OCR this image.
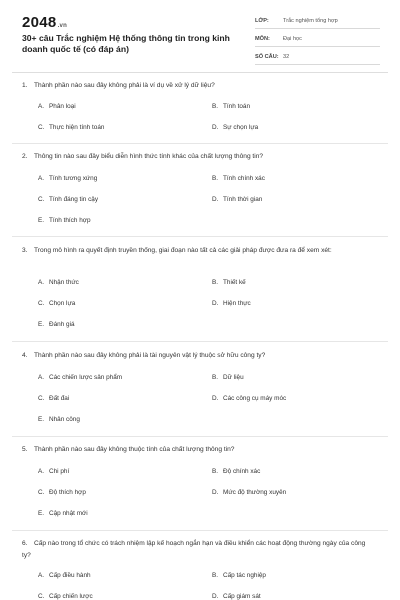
2048.vn
30+ câu Trắc nghiệm Hệ thống thông tin trong kinh doanh quốc tế (có đáp án)
LỚP:	Trắc nghiệm tổng hợp
MÔN:	Đại học
SỐ CÂU: 32
1. Thành phần nào sau đây không phải là ví dụ về xử lý dữ liệu?
A. Phân loại	B. Tính toán
C. Thực hiện tính toán	D. Sự chọn lựa
2. Thông tin nào sau đây biểu diễn hình thức tính khác của chất lượng thông tin?
A. Tính tương xứng	B. Tính chính xác
C. Tính đáng tin cậy	D. Tính thời gian
E. Tính thích hợp
3. Trong mô hình ra quyết định truyền thống, giai đoạn nào tất cả các giải pháp được đưa ra để xem xét:
A. Nhận thức	B. Thiết kế
C. Chọn lựa	D. Hiện thực
E. Đánh giá
4. Thành phần nào sau đây không phải là tài nguyên vật lý thuộc sở hữu công ty?
A. Các chiến lược sản phẩm	B. Dữ liệu
C. Đất đai	D. Các công cụ máy móc
E. Nhân công
5. Thành phần nào sau đây không thuộc tính của chất lượng thông tin?
A. Chi phí	B. Độ chính xác
C. Độ thích hợp	D. Mức độ thường xuyên
E. Cập nhật mới
6. Cấp nào trong tổ chức có trách nhiệm lập kế hoạch ngắn hạn và điều khiển các hoạt động thường ngày của công ty?
A. Cấp điều hành	B. Cấp tác nghiệp
C. Cấp chiến lược	D. Cấp giám sát
